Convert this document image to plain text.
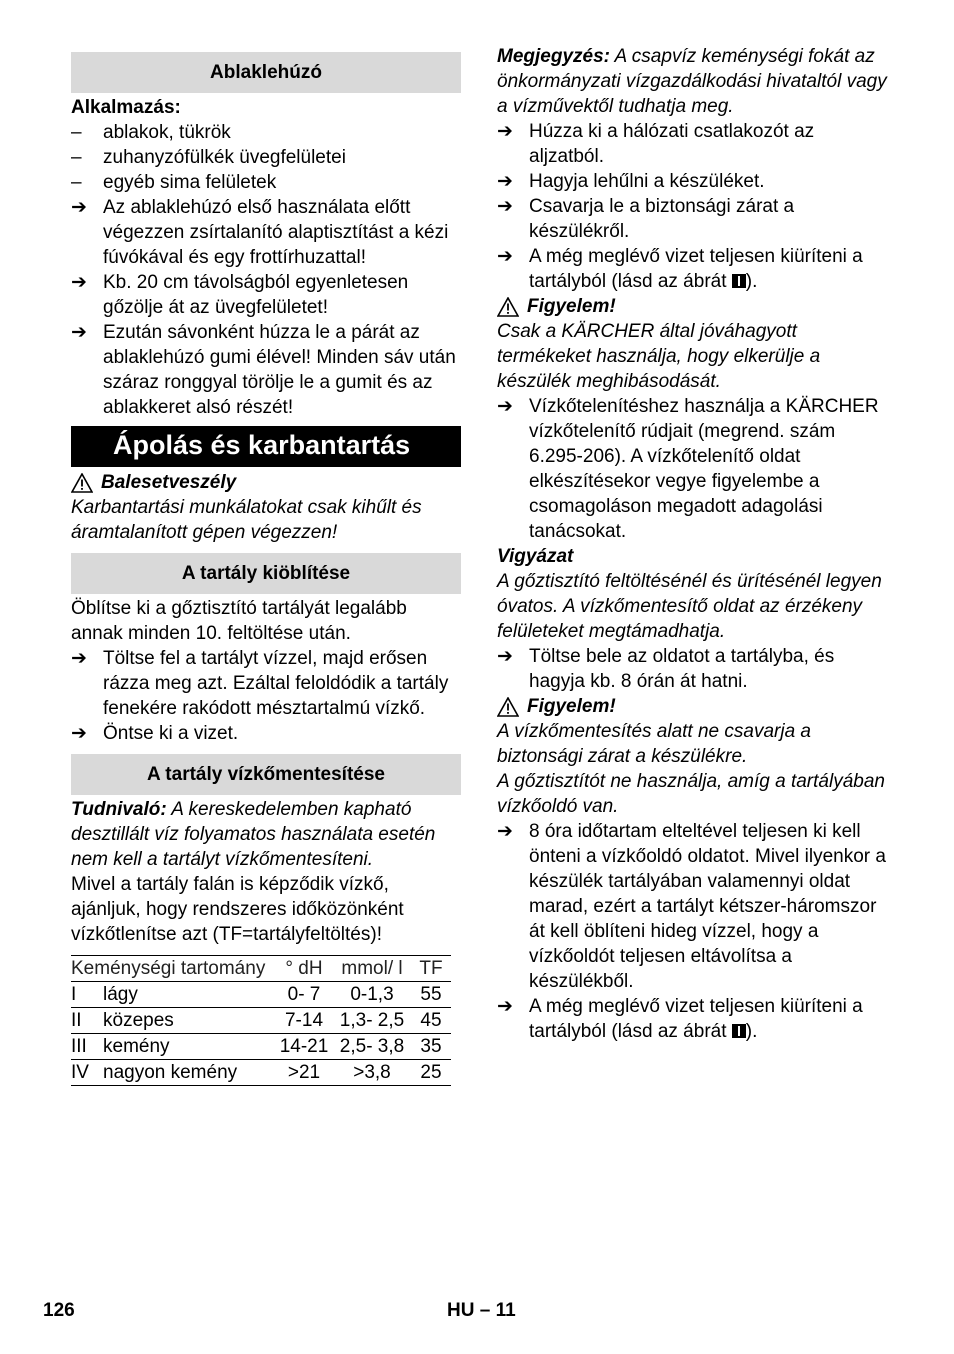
Ablaklehúzó

Alkalmazás:

–	ablakok, tükrök
–	zuhanyzófülkék üvegfelületei
–	egyéb sima felületek
➔ Az ablaklehúzó első használata előtt végezzen zsírtalanító alaptisztítást a kézi fúvókával és egy frottírhuzattal!
➔ Kb. 20 cm távolságból egyenletesen gőzölje át az üvegfelületet!
➔ Ezután sávonként húzza le a párát az ablaklehúzó gumi élével! Minden sáv után száraz ronggyal törölje le a gumit és az ablakkeret alsó részét!
Ápolás és karbantartás
Balesetveszély

Karbantartási munkálatokat csak kihűlt és áramtalanított gépen végezzen!

A tartály kiöblítése

Öblítse ki a gőztisztító tartályát legalább annak minden 10. feltöltése után.

➔ Töltse fel a tartályt vízzel, majd erősen rázza meg azt. Ezáltal feloldódik a tartály fenekére rakódott mésztartalmú vízkő.
➔ Öntse ki a vizet.
A tartály vízkőmentesítése

Tudnivaló: A kereskedelemben kapható desztillált víz folyamatos használata esetén nem kell a tartályt vízkőmentesíteni.

Mivel a tartály falán is képződik vízkő, ajánljuk, hogy rendszeres időközönként vízkőtlenítse azt (TF=tartályfeltöltés)!

Keménységi tartomány		° dH	mmol/ l	TF
I	lágy	0- 7	0-1,3	55
II	közepes	7-14	1,3- 2,5	45
III	kemény	14-21	2,5- 3,8	35
IV	nagyon kemény	>21	>3,8	25

Megjegyzés: A csapvíz keménységi fokát az önkormányzati vízgazdálkodási hivataltól vagy a vízművektől tudhatja meg.

➔ Húzza ki a hálózati csatlakozót az aljzatból.
➔ Hagyja lehűlni a készüléket.
➔ Csavarja le a biztonsági zárat a készülékről.
➔ A még meglévő vizet teljesen kiüríteni a tartályból (lásd az ábrát ).
Figyelem!

Csak a KÄRCHER által jóváhagyott termékeket használja, hogy elkerülje a készülék meghibásodását.

➔ Vízkőtelenítéshez használja a KÄRCHER vízkőtelenítő rúdjait (megrend. szám 6.295-206). A vízkőtelenítő oldat elkészítésekor vegye figyelembe a csomagoláson megadott adagolási tanácsokat.

Vigyázat

A gőztisztító feltöltésénél és ürítésénél legyen óvatos. A vízkőmentesítő oldat az érzékeny felületeket megtámadhatja.

➔ Töltse bele az oldatot a tartályba, és hagyja kb. 8 órán át hatni.
Figyelem!

A vízkőmentesítés alatt ne csavarja a biztonsági zárat a készülékre.

A gőztisztítót ne használja, amíg a tartályában vízkőoldó van.

➔ 8 óra időtartam elteltével teljesen ki kell önteni a vízkőoldó oldatot. Mivel ilyenkor a készülék tartályában valamennyi oldat marad, ezért a tartályt kétszer-háromszor át kell öblíteni hideg vízzel, hogy a vízkőoldót teljesen eltávolítsa a készülékből.
➔ A még meglévő vizet teljesen kiüríteni a tartályból (lásd az ábrát ).
126	HU – 11
